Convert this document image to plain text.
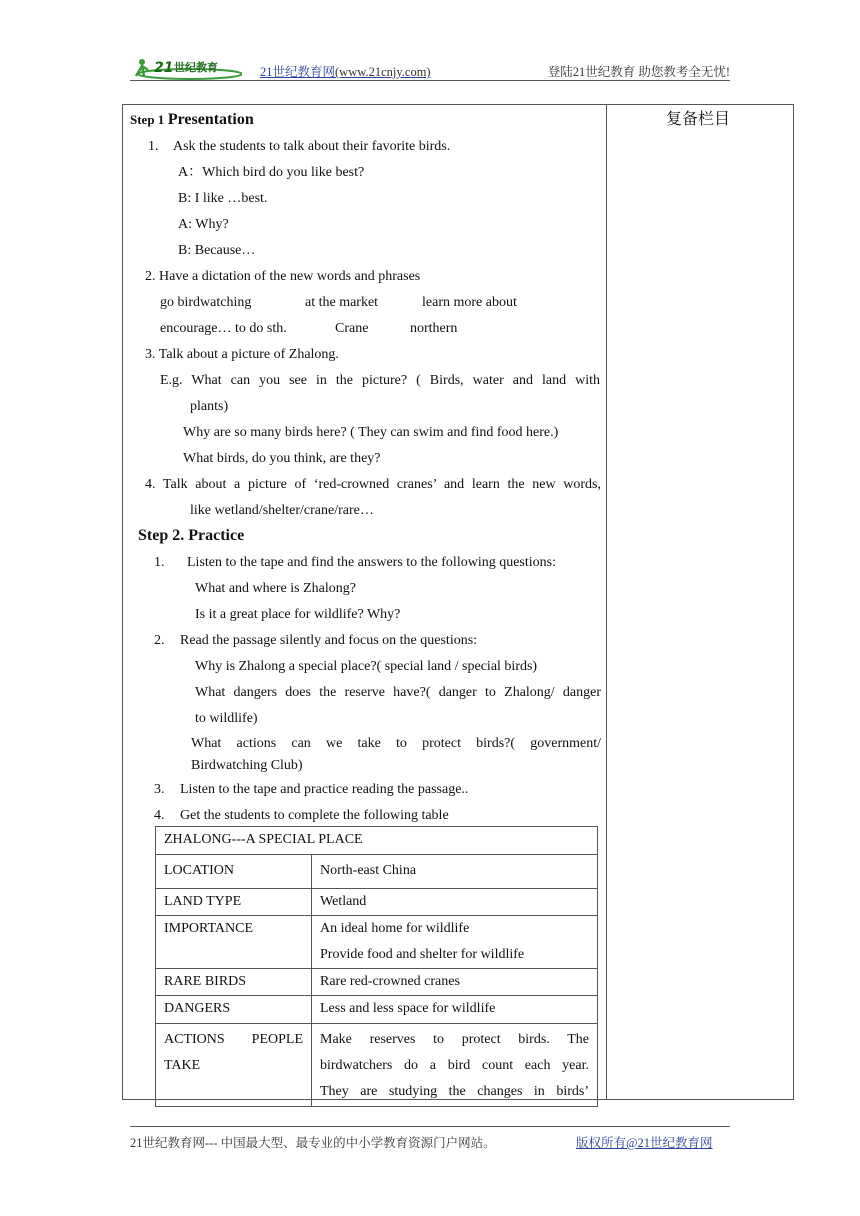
21 世纪教育	21世纪教育网(www.21cnjy.com)	登陆21世纪教育 助您教考全无忧!
复备栏目
Step 1 Presentation
1. Ask the students to talk about their favorite birds.
A：Which bird do you like best?
B: I like …best.
A: Why?
B: Because…
2. Have a dictation of the new words and phrases
go birdwatching	at the market	learn more about
encourage… to do sth.	Crane	northern
3. Talk about a picture of Zhalong.
E.g. What can you see in the picture? ( Birds, water and land with
plants)
Why are so many birds here? ( They can swim and find food here.)
What birds, do you think, are they?
4. Talk about a picture of ‘red-crowned cranes’ and learn the new words,
like wetland/shelter/crane/rare…
Step 2. Practice
1. Listen to the tape and find the answers to the following questions:
What and where is Zhalong?
Is it a great place for wildlife? Why?
2. Read the passage silently and focus on the questions:
Why is Zhalong a special place?( special land / special birds)
What dangers does the reserve have?( danger to Zhalong/ danger
to wildlife)
What actions can we take to protect birds?( government/
Birdwatching Club)
3. Listen to the tape and practice reading the passage..
4. Get the students to complete the following table
ZHALONG---A SPECIAL PLACE	
LOCATION	North-east China
LAND TYPE	Wetland
IMPORTANCE	An ideal home for wildlife
Provide food and shelter for wildlife

RARE BIRDS	Rare red-crowned cranes
DANGERS	Less and less space for wildlife

ACTIONS PEOPLE
TAKE	Make reserves to protect birds. The
birdwatchers do a bird count each year.
They are studying the changes in birds’
21世纪教育网--- 中国最大型、最专业的中小学教育资源门户网站。	版权所有@21世纪教育网
